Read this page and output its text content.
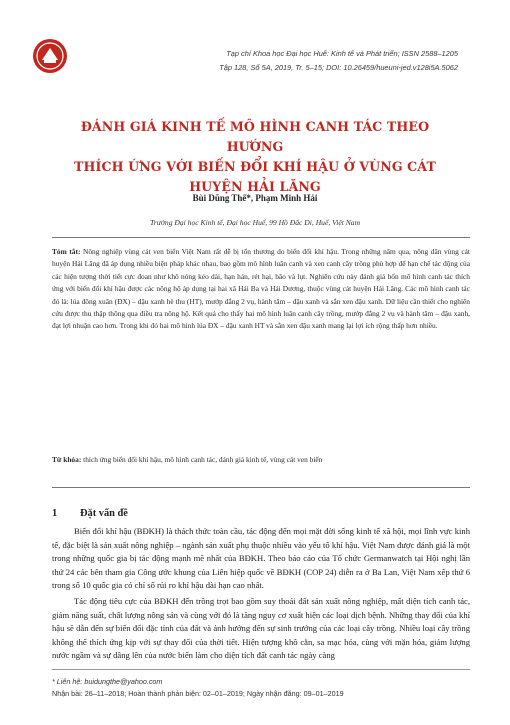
Tạp chí Khoa học Đại học Huế: Kinh tế và Phát triển; ISSN 2588–1205
Tập 128, Số 5A, 2019, Tr. 5–15; DOI: 10.26459/hueuni-jed.v128i5A.5062
ĐÁNH GIÁ KINH TẾ MÔ HÌNH CANH TÁC THEO HƯỚNG
THÍCH ỨNG VỚI BIẾN ĐỔI KHÍ HẬU Ở VÙNG CÁT
HUYỆN HẢI LĂNG
Bùi Dũng Thể*, Phạm Minh Hải
Trường Đại học Kinh tế, Đại học Huế, 99 Hồ Đắc Di, Huế, Việt Nam
Tóm tắt: Nông nghiệp vùng cát ven biển Việt Nam rất dễ bị tổn thương do biến đổi khí hậu. Trong những năm qua, nông dân vùng cát huyện Hải Lăng đã áp dụng nhiều biện pháp khác nhau, bao gồm mô hình luân canh và xen canh cây trồng phù hợp để hạn chế tác động của các hiện tượng thời tiết cực đoan như khô nóng kéo dài, hạn hán, rét hại, bão và lụt. Nghiên cứu này đánh giá bốn mô hình canh tác thích ứng với biến đổi khí hậu được các nông hộ áp dụng tại hai xã Hải Ba và Hải Dương, thuộc vùng cát huyện Hải Lăng. Các mô hình canh tác đó là: lúa đông xuân (ĐX) – đậu xanh hè thu (HT), mướp đắng 2 vụ, hành tăm – đậu xanh và sắn xen đậu xanh. Dữ liệu cần thiết cho nghiên cứu được thu thập thông qua điều tra nông hộ. Kết quả cho thấy hai mô hình luân canh cây trồng, mướp đắng 2 vụ và hành tăm – đậu xanh, đạt lợi nhuận cao hơn. Trong khi đó hai mô hình lúa ĐX – đậu xanh HT và sắn xen đậu xanh mang lại lợi ích rộng thấp hơn nhiều.
Từ khóa: thích ứng biến đổi khí hậu, mô hình canh tác, đánh giá kinh tế, vùng cát ven biển
1 Đặt vấn đề

Biến đổi khí hậu (BĐKH) là thách thức toàn cầu, tác động đến mọi mặt đời sống kinh tế xã hội, mọi lĩnh vực kinh tế, đặc biệt là sản xuất nông nghiệp – ngành sản xuất phụ thuộc nhiều vào yếu tố khí hậu. Việt Nam được đánh giá là một trong những quốc gia bị tác động mạnh mẽ nhất của BĐKH. Theo báo cáo của Tổ chức Germanwatch tại Hội nghị lần thứ 24 các bên tham gia Công ước khung của Liên hiệp quốc về BĐKH (COP 24) diễn ra ở Ba Lan, Việt Nam xếp thứ 6 trong số 10 quốc gia có chỉ số rủi ro khí hậu dài hạn cao nhất.

Tác động tiêu cực của BĐKH đến trồng trọt bao gồm suy thoái đất sản xuất nông nghiệp, mất diện tích canh tác, giảm năng suất, chất lượng nông sản và cùng với đó là tăng nguy cơ xuất hiện các loại dịch bệnh. Những thay đổi của khí hậu sẽ dẫn đến sự biến đổi đặc tính của đất và ảnh hưởng đến sự sinh trưởng của các loại cây trồng. Nhiều loại cây trồng không thể thích ứng kịp với sự thay đổi của thời tiết. Hiện tượng khô cằn, sa mạc hóa, cùng với mặn hóa, giảm lượng nước ngầm và sự dâng lên của nước biển làm cho diện tích đất canh tác ngày càng

* Liên hệ: buidungthe@yahoo.com
Nhận bài: 26–11–2018; Hoàn thành phản biện: 02–01–2019; Ngày nhận đăng: 09–01–2019
